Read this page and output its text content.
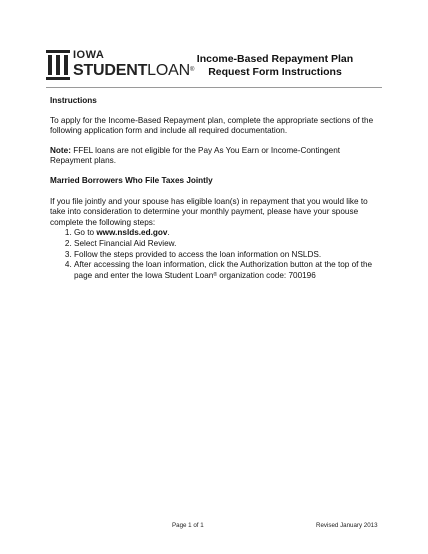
IOWA
STUDENTLOAN®
Income-Based Repayment Plan
Request Form Instructions

Instructions

To apply for the Income-Based Repayment plan, complete the appropriate sections of the following application form and include all required documentation.

Note: FFEL loans are not eligible for the Pay As You Earn or Income-Contingent Repayment plans.

Married Borrowers Who File Taxes Jointly

If you file jointly and your spouse has eligible loan(s) in repayment that you would like to take into consideration to determine your monthly payment, please have your spouse complete the following steps:

1. Go to www.nslds.ed.gov.
2. Select Financial Aid Review.
3. Follow the steps provided to access the loan information on NSLDS.
4. After accessing the loan information, click the Authorization button at the top of the page and enter the Iowa Student Loan® organization code: 700196
Page 1 of 1	Revised January 2013
